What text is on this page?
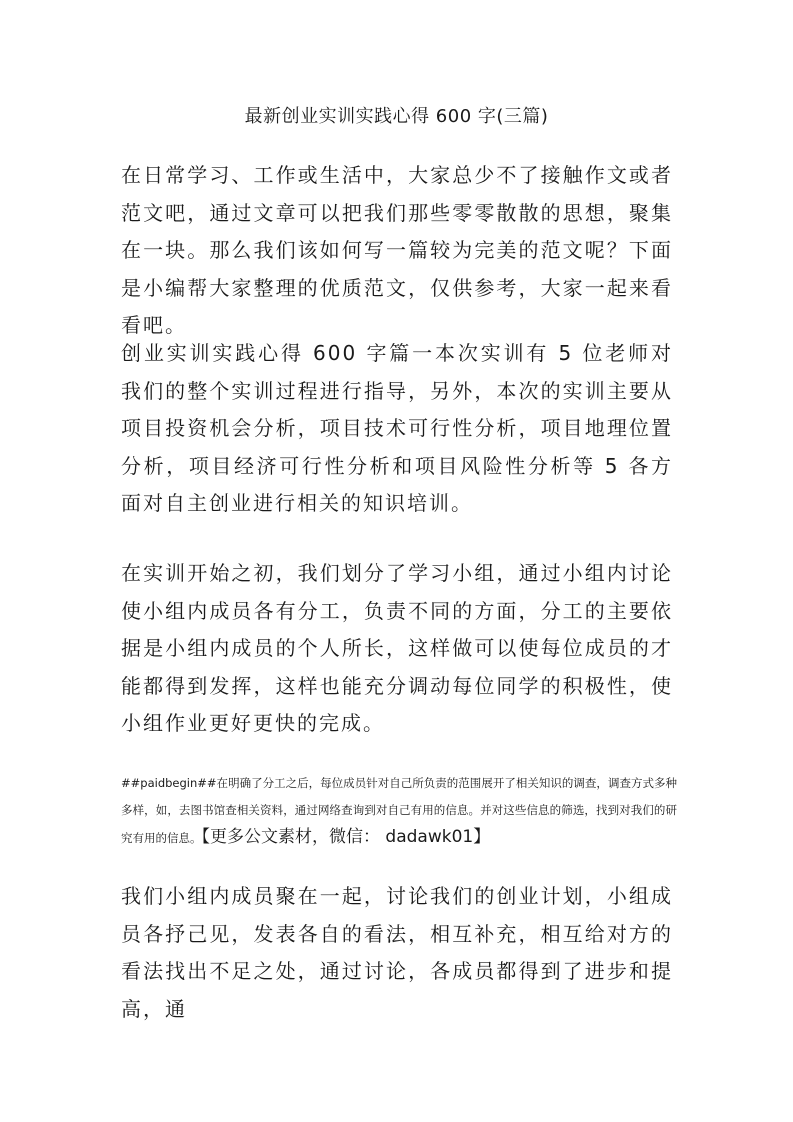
最新创业实训实践心得 600 字(三篇)

在日常学习、工作或生活中，大家总少不了接触作文或者范文吧，通过文章可以把我们那些零零散散的思想，聚集在一块。那么我们该如何写一篇较为完美的范文呢？下面是小编帮大家整理的优质范文，仅供参考，大家一起来看看吧。

创业实训实践心得 600 字篇一本次实训有 5 位老师对我们的整个实训过程进行指导，另外，本次的实训主要从项目投资机会分析，项目技术可行性分析，项目地理位置分析，项目经济可行性分析和项目风险性分析等 5 各方面对自主创业进行相关的知识培训。

在实训开始之初，我们划分了学习小组，通过小组内讨论使小组内成员各有分工，负责不同的方面，分工的主要依据是小组内成员的个人所长，这样做可以使每位成员的才能都得到发挥，这样也能充分调动每位同学的积极性，使小组作业更好更快的完成。

##paidbegin##在明确了分工之后，每位成员针对自己所负责的范围展开了相关知识的调查，调查方式多种多样，如，去图书馆查相关资料，通过网络查询到对自己有用的信息。并对这些信息的筛选，找到对我们的研究有用的信息。【更多公文素材，微信： dadawk01】

我们小组内成员聚在一起，讨论我们的创业计划，小组成员各抒己见，发表各自的看法，相互补充，相互给对方的看法找出不足之处，通过讨论，各成员都得到了进步和提高，通
